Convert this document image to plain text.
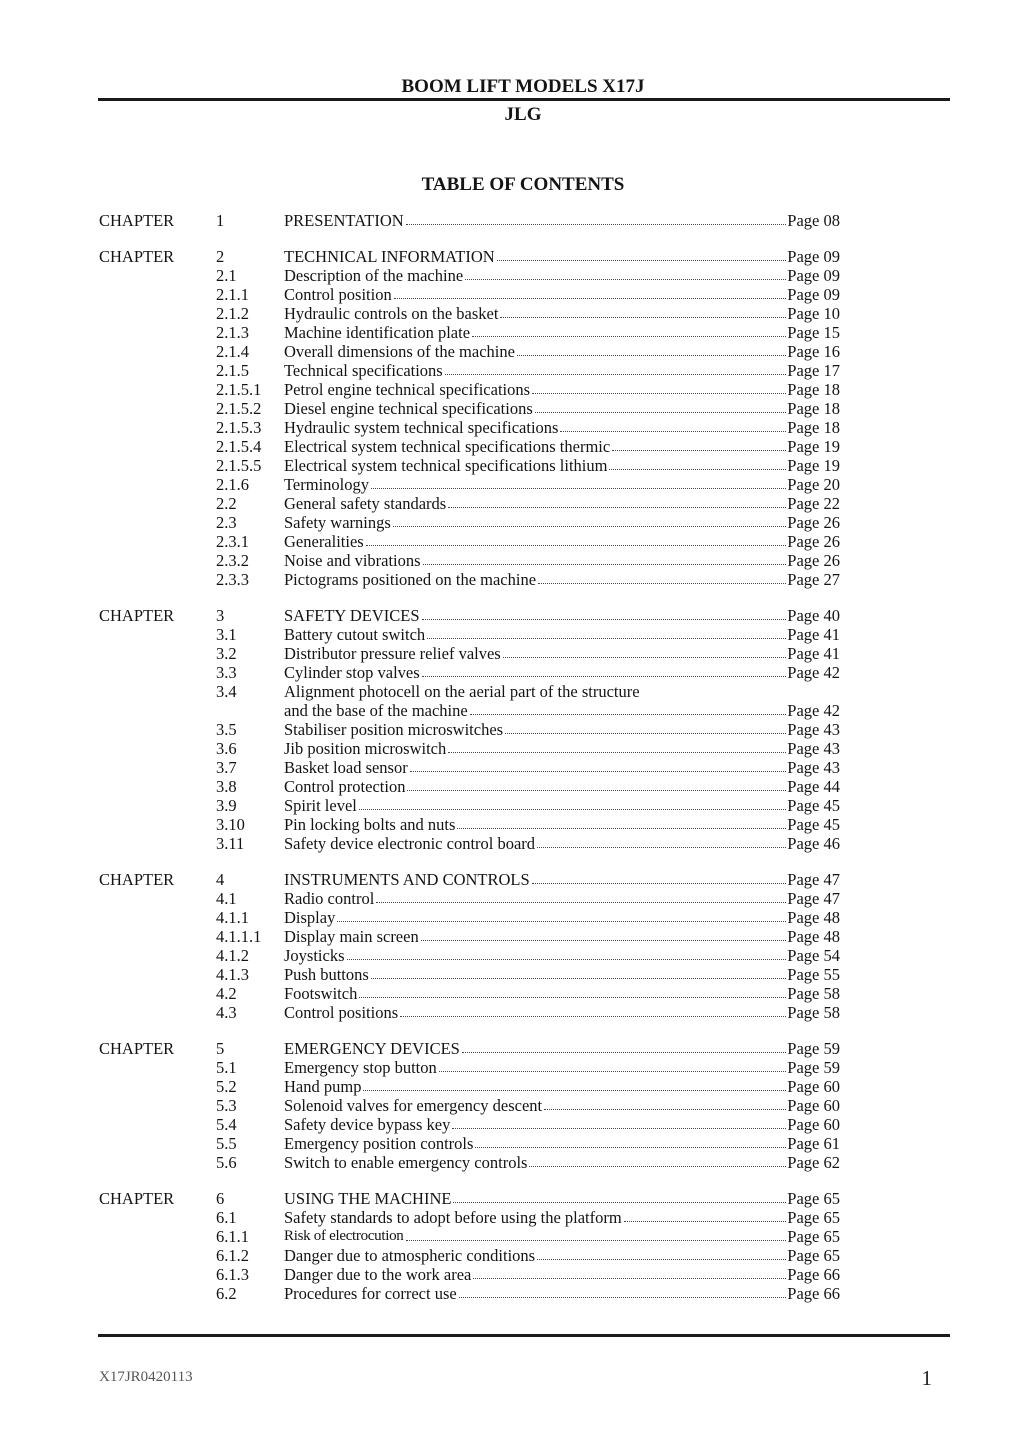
BOOM LIFT MODELS X17J
JLG
TABLE OF CONTENTS
CHAPTER	1	PRESENTATION	Page 08
CHAPTER	2	TECHNICAL INFORMATION	Page 09
2.1	Description of the machine	Page 09
2.1.1 Control position	Page 09
2.1.2 Hydraulic controls on the basket	Page 10
2.1.3 Machine identification plate	Page 15
2.1.4 Overall dimensions of the machine	Page 16
2.1.5 Technical specifications	Page 17
2.1.5.1 Petrol engine technical specifications	Page 18
2.1.5.2 Diesel engine technical specifications	Page 18
2.1.5.3 Hydraulic system technical specifications	Page 18
2.1.5.4 Electrical system technical specifications thermic	Page 19
2.1.5.5 Electrical system technical specifications lithium	Page 19
2.1.6 Terminology	Page 20
2.2	General safety standards	Page 22
2.3	Safety warnings	Page 26
2.3.1 Generalities	Page 26
2.3.2 Noise and vibrations	Page 26
2.3.3 Pictograms positioned on the machine	Page 27
CHAPTER	3	SAFETY DEVICES	Page 40
3.1	Battery cutout switch	Page 41
3.2	Distributor pressure relief valves	Page 41
3.3	Cylinder stop valves	Page 42
3.4	Alignment photocell on the aerial part of the structure
and the base of the machine	Page 42
3.5	Stabiliser position microswitches	Page 43
3.6	Jib position microswitch	Page 43
3.7	Basket load sensor	Page 43
3.8	Control protection	Page 44
3.9	Spirit level	Page 45
3.10 Pin locking bolts and nuts	Page 45
3.11 Safety device electronic control board	Page 46
CHAPTER	4	INSTRUMENTS AND CONTROLS	Page 47
4.1	Radio control	Page 47
4.1.1 Display	Page 48
4.1.1.1 Display main screen	Page 48
4.1.2 Joysticks	Page 54
4.1.3 Push buttons	Page 55
4.2	Footswitch	Page 58
4.3	Control positions	Page 58
CHAPTER	5	EMERGENCY DEVICES	Page 59
5.1	Emergency stop button	Page 59
5.2	Hand pump	Page 60
5.3	Solenoid valves for emergency descent	Page 60
5.4	Safety device bypass key	Page 60
5.5	Emergency position controls	Page 61
5.6	Switch to enable emergency controls	Page 62
CHAPTER	6	USING THE MACHINE	Page 65
6.1	Safety standards to adopt before using the platform	Page 65
6.1.1 Risk of electrocution	Page 65
6.1.2 Danger due to atmospheric conditions	Page 65
6.1.3 Danger due to the work area	Page 66
6.2	Procedures for correct use	Page 66
X17JR0420113	1
